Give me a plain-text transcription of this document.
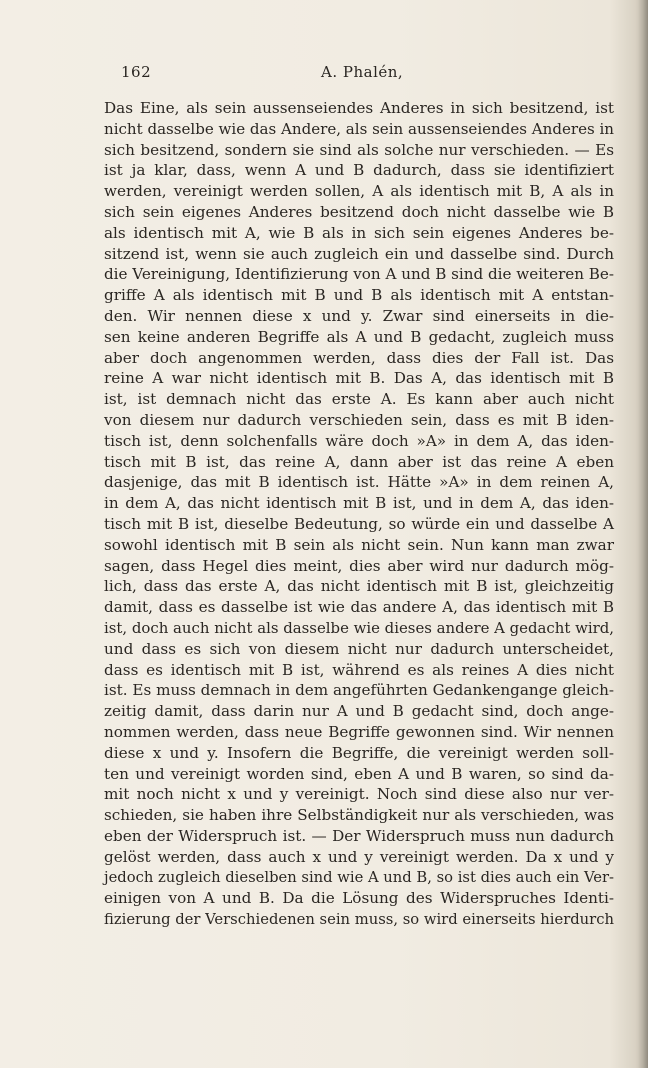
162	A. Phalén,
Das Eine, als sein aussenseiendes Anderes in sich besitzend, ist
nicht dasselbe wie das Andere, als sein aussenseiendes Anderes in
sich besitzend, sondern sie sind als solche nur verschieden. — Es
ist ja klar, dass, wenn A und B dadurch, dass sie identifiziert
werden, vereinigt werden sollen, A als identisch mit B, A als in
sich sein eigenes Anderes besitzend doch nicht dasselbe wie B
als identisch mit A, wie B als in sich sein eigenes Anderes be-
sitzend ist, wenn sie auch zugleich ein und dasselbe sind. Durch
die Vereinigung, Identifizierung von A und B sind die weiteren Be-
griffe A als identisch mit B und B als identisch mit A entstan-
den. Wir nennen diese x und y. Zwar sind einerseits in die-
sen keine anderen Begriffe als A und B gedacht, zugleich muss
aber doch angenommen werden, dass dies der Fall ist. Das
reine A war nicht identisch mit B. Das A, das identisch mit B
ist, ist demnach nicht das erste A. Es kann aber auch nicht
von diesem nur dadurch verschieden sein, dass es mit B iden-
tisch ist, denn solchenfalls wäre doch »A» in dem A, das iden-
tisch mit B ist, das reine A, dann aber ist das reine A eben
dasjenige, das mit B identisch ist. Hätte »A» in dem reinen A,
in dem A, das nicht identisch mit B ist, und in dem A, das iden-
tisch mit B ist, dieselbe Bedeutung, so würde ein und dasselbe A
sowohl identisch mit B sein als nicht sein. Nun kann man zwar
sagen, dass Hegel dies meint, dies aber wird nur dadurch mög-
lich, dass das erste A, das nicht identisch mit B ist, gleichzeitig
damit, dass es dasselbe ist wie das andere A, das identisch mit B
ist, doch auch nicht als dasselbe wie dieses andere A gedacht wird,
und dass es sich von diesem nicht nur dadurch unterscheidet,
dass es identisch mit B ist, während es als reines A dies nicht
ist. Es muss demnach in dem angeführten Gedankengange gleich-
zeitig damit, dass darin nur A und B gedacht sind, doch ange-
nommen werden, dass neue Begriffe gewonnen sind. Wir nennen
diese x und y. Insofern die Begriffe, die vereinigt werden soll-
ten und vereinigt worden sind, eben A und B waren, so sind da-
mit noch nicht x und y vereinigt. Noch sind diese also nur ver-
schieden, sie haben ihre Selbständigkeit nur als verschieden, was
eben der Widerspruch ist. — Der Widerspruch muss nun dadurch
gelöst werden, dass auch x und y vereinigt werden. Da x und y
jedoch zugleich dieselben sind wie A und B, so ist dies auch ein Ver-
einigen von A und B. Da die Lösung des Widerspruches Identi-
fizierung der Verschiedenen sein muss, so wird einerseits hierdurch
